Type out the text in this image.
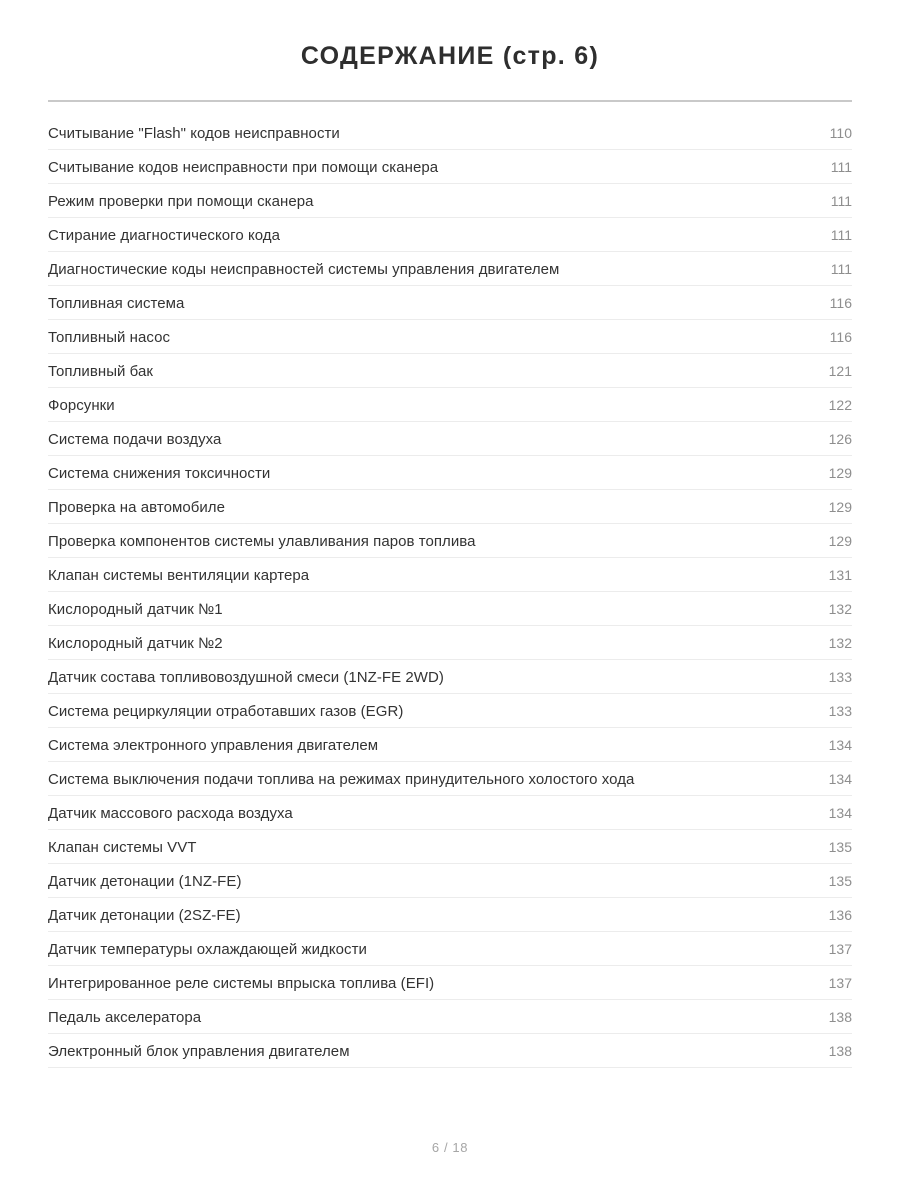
СОДЕРЖАНИЕ (стр. 6)
Считывание "Flash" кодов неисправности	110
Считывание кодов неисправности при помощи сканера	111
Режим проверки при помощи сканера	111
Стирание диагностического кода	111
Диагностические коды неисправностей системы управления двигателем	111
Топливная система	116
Топливный насос	116
Топливный бак	121
Форсунки	122
Система подачи воздуха	126
Система снижения токсичности	129
Проверка на автомобиле	129
Проверка компонентов системы улавливания паров топлива	129
Клапан системы вентиляции картера	131
Кислородный датчик №1	132
Кислородный датчик №2	132
Датчик состава топливовоздушной смеси (1NZ-FE 2WD)	133
Система рециркуляции отработавших газов (EGR)	133
Система электронного управления двигателем	134
Система выключения подачи топлива на режимах принудительного холостого хода	134
Датчик массового расхода воздуха	134
Клапан системы VVT	135
Датчик детонации (1NZ-FE)	135
Датчик детонации (2SZ-FE)	136
Датчик температуры охлаждающей жидкости	137
Интегрированное реле системы впрыска топлива (EFI)	137
Педаль акселератора	138
Электронный блок управления двигателем	138
6 / 18
